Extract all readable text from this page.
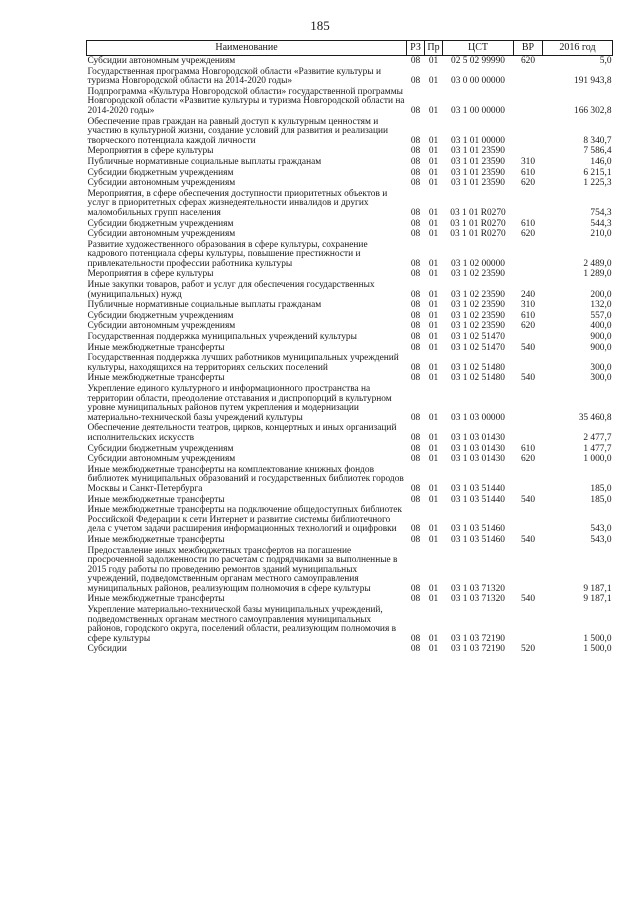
185
Наименование	РЗ	Пр	ЦСТ	ВР	2016 год
Субсидии автономным учреждениям	08	01	02 5 02 99990	620	5,0
Государственная программа Новгородской области «Развитие культуры и туризма Новгородской области на 2014-2020 годы»	08	01	03 0 00 00000		191 943,8
Подпрограмма «Культура Новгородской области» государственной программы Новгородской области «Развитие культуры и туризма Новгородской области на 2014-2020 годы»	08	01	03 1 00 00000		166 302,8
Обеспечение прав граждан на равный доступ к культурным ценностям и участию в культурной жизни, создание условий для развития и реализации творческого потенциала каждой личности	08	01	03 1 01 00000		8 340,7
Мероприятия в сфере культуры	08	01	03 1 01 23590		7 586,4
Публичные нормативные социальные выплаты гражданам	08	01	03 1 01 23590	310	146,0
Субсидии бюджетным учреждениям	08	01	03 1 01 23590	610	6 215,1
Субсидии автономным учреждениям	08	01	03 1 01 23590	620	1 225,3
Мероприятия, в сфере обеспечения доступности приоритетных объектов и услуг в приоритетных сферах жизнедеятельности инвалидов и других маломобильных групп населения	08	01	03 1 01 R0270		754,3
Субсидии бюджетным учреждениям	08	01	03 1 01 R0270	610	544,3
Субсидии автономным учреждениям	08	01	03 1 01 R0270	620	210,0
Развитие художественного образования в сфере культуры, сохранение кадрового потенциала сферы культуры, повышение престижности и привлекательности профессии работника культуры	08	01	03 1 02 00000		2 489,0
Мероприятия в сфере культуры	08	01	03 1 02 23590		1 289,0
Иные закупки товаров, работ и услуг для обеспечения государственных (муниципальных) нужд	08	01	03 1 02 23590	240	200,0
Публичные нормативные социальные выплаты гражданам	08	01	03 1 02 23590	310	132,0
Субсидии бюджетным учреждениям	08	01	03 1 02 23590	610	557,0
Субсидии автономным учреждениям	08	01	03 1 02 23590	620	400,0
Государственная поддержка муниципальных учреждений культуры	08	01	03 1 02 51470		900,0
Иные межбюджетные трансферты	08	01	03 1 02 51470	540	900,0
Государственная поддержка лучших работников муниципальных учреждений культуры, находящихся на территориях сельских поселений	08	01	03 1 02 51480		300,0
Иные межбюджетные трансферты	08	01	03 1 02 51480	540	300,0
Укрепление единого культурного и информационного пространства на территории области, преодоление отставания и диспропорций в культурном уровне муниципальных районов путем укрепления и модернизации материально-технической базы учреждений культуры	08	01	03 1 03 00000		35 460,8
Обеспечение деятельности театров, цирков, концертных и иных организаций исполнительских искусств	08	01	03 1 03 01430		2 477,7
Субсидии бюджетным учреждениям	08	01	03 1 03 01430	610	1 477,7
Субсидии автономным учреждениям	08	01	03 1 03 01430	620	1 000,0
Иные межбюджетные трансферты на комплектование книжных фондов библиотек муниципальных образований и государственных библиотек городов Москвы и Санкт-Петербурга	08	01	03 1 03 51440		185,0
Иные межбюджетные трансферты	08	01	03 1 03 51440	540	185,0
Иные межбюджетные трансферты на подключение общедоступных библиотек Российской Федерации к сети Интернет и развитие системы библиотечного дела с учетом задачи расширения информационных технологий и оцифровки	08	01	03 1 03 51460		543,0
Иные межбюджетные трансферты	08	01	03 1 03 51460	540	543,0
Предоставление иных межбюджетных трансфертов на погашение просроченной задолженности по расчетам с подрядчиками за выполненные в 2015 году работы по проведению ремонтов зданий муниципальных учреждений, подведомственным органам местного самоуправления муниципальных районов, реализующим полномочия в сфере культуры	08	01	03 1 03 71320		9 187,1
Иные межбюджетные трансферты	08	01	03 1 03 71320	540	9 187,1
Укрепление материально-технической базы муниципальных учреждений, подведомственных органам местного самоуправления муниципальных районов, городского округа, поселений области, реализующим полномочия в сфере культуры	08	01	03 1 03 72190		1 500,0
Субсидии	08	01	03 1 03 72190	520	1 500,0
